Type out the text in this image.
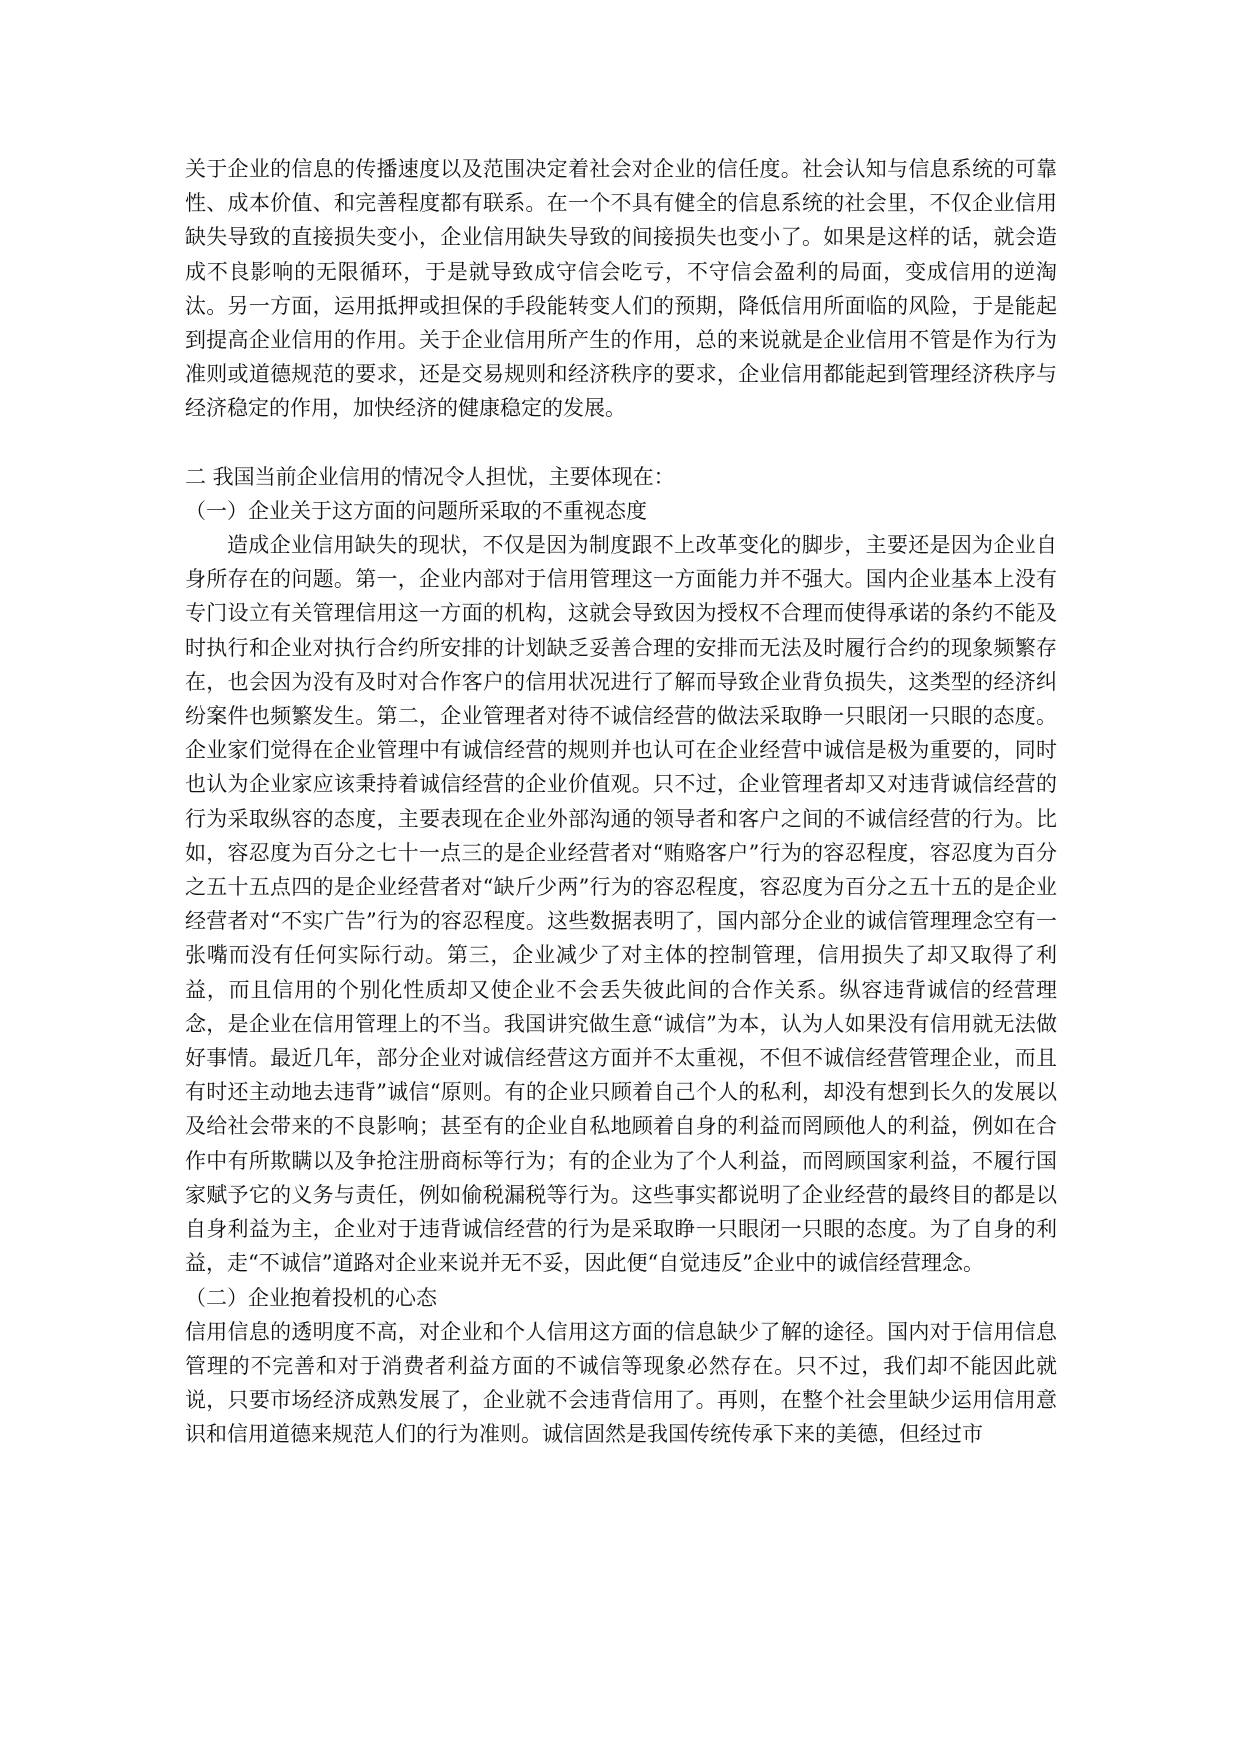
关于企业的信息的传播速度以及范围决定着社会对企业的信任度。社会认知与信息系统的可靠性、成本价值、和完善程度都有联系。在一个不具有健全的信息系统的社会里，不仅企业信用缺失导致的直接损失变小，企业信用缺失导致的间接损失也变小了。如果是这样的话，就会造成不良影响的无限循环，于是就导致成守信会吃亏，不守信会盈利的局面，变成信用的逆淘汰。另一方面，运用抵押或担保的手段能转变人们的预期，降低信用所面临的风险，于是能起到提高企业信用的作用。关于企业信用所产生的作用，总的来说就是企业信用不管是作为行为准则或道德规范的要求，还是交易规则和经济秩序的要求，企业信用都能起到管理经济秩序与经济稳定的作用，加快经济的健康稳定的发展。

二 我国当前企业信用的情况令人担忧，主要体现在：

（一）企业关于这方面的问题所采取的不重视态度

造成企业信用缺失的现状，不仅是因为制度跟不上改革变化的脚步，主要还是因为企业自身所存在的问题。第一，企业内部对于信用管理这一方面能力并不强大。国内企业基本上没有专门设立有关管理信用这一方面的机构，这就会导致因为授权不合理而使得承诺的条约不能及时执行和企业对执行合约所安排的计划缺乏妥善合理的安排而无法及时履行合约的现象频繁存在，也会因为没有及时对合作客户的信用状况进行了解而导致企业背负损失，这类型的经济纠纷案件也频繁发生。第二，企业管理者对待不诚信经营的做法采取睁一只眼闭一只眼的态度。企业家们觉得在企业管理中有诚信经营的规则并也认可在企业经营中诚信是极为重要的，同时也认为企业家应该秉持着诚信经营的企业价值观。只不过，企业管理者却又对违背诚信经营的行为采取纵容的态度，主要表现在企业外部沟通的领导者和客户之间的不诚信经营的行为。比如，容忍度为百分之七十一点三的是企业经营者对“贿赂客户”行为的容忍程度，容忍度为百分之五十五点四的是企业经营者对“缺斤少两”行为的容忍程度，容忍度为百分之五十五的是企业经营者对“不实广告”行为的容忍程度。这些数据表明了，国内部分企业的诚信管理理念空有一张嘴而没有任何实际行动。第三，企业减少了对主体的控制管理，信用损失了却又取得了利益，而且信用的个别化性质却又使企业不会丢失彼此间的合作关系。纵容违背诚信的经营理念，是企业在信用管理上的不当。我国讲究做生意“诚信”为本，认为人如果没有信用就无法做好事情。最近几年，部分企业对诚信经营这方面并不太重视，不但不诚信经营管理企业，而且有时还主动地去违背”诚信“原则。有的企业只顾着自己个人的私利，却没有想到长久的发展以及给社会带来的不良影响；甚至有的企业自私地顾着自身的利益而罔顾他人的利益，例如在合作中有所欺瞒以及争抢注册商标等行为；有的企业为了个人利益，而罔顾国家利益，不履行国家赋予它的义务与责任，例如偷税漏税等行为。这些事实都说明了企业经营的最终目的都是以自身利益为主，企业对于违背诚信经营的行为是采取睁一只眼闭一只眼的态度。为了自身的利益，走“不诚信”道路对企业来说并无不妥，因此便“自觉违反”企业中的诚信经营理念。

（二）企业抱着投机的心态

信用信息的透明度不高，对企业和个人信用这方面的信息缺少了解的途径。国内对于信用信息管理的不完善和对于消费者利益方面的不诚信等现象必然存在。只不过，我们却不能因此就说，只要市场经济成熟发展了，企业就不会违背信用了。再则，在整个社会里缺少运用信用意识和信用道德来规范人们的行为准则。诚信固然是我国传统传承下来的美德，但经过市
